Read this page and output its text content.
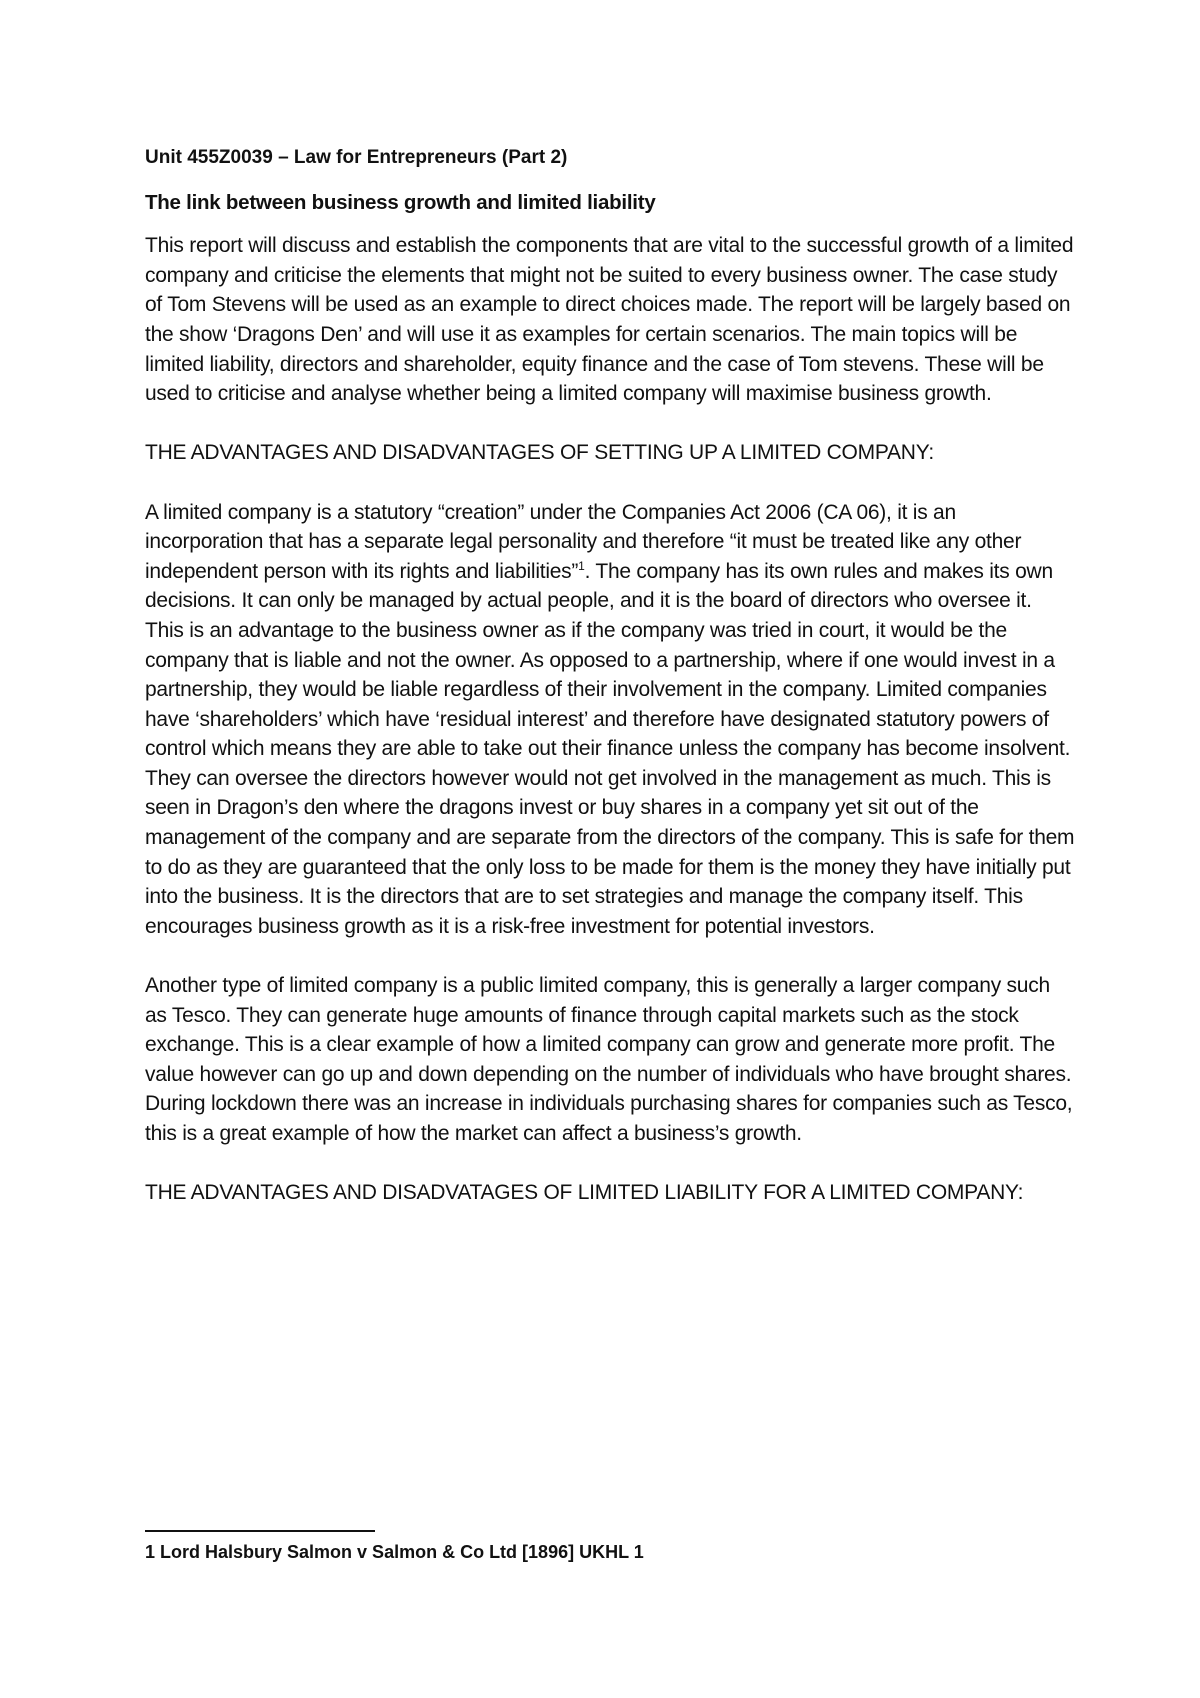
Unit 455Z0039 – Law for Entrepreneurs (Part 2)
The link between business growth and limited liability

This report will discuss and establish the components that are vital to the successful growth of a limited company and criticise the elements that might not be suited to every business owner. The case study of Tom Stevens will be used as an example to direct choices made. The report will be largely based on the show ‘Dragons Den’ and will use it as examples for certain scenarios. The main topics will be limited liability, directors and shareholder, equity finance and the case of Tom stevens. These will be used to criticise and analyse whether being a limited company will maximise business growth.

THE ADVANTAGES AND DISADVANTAGES OF SETTING UP A LIMITED COMPANY:

A limited company is a statutory “creation” under the Companies Act 2006 (CA 06), it is an incorporation that has a separate legal personality and therefore “it must be treated like any other independent person with its rights and liabilities”$^1$. The company has its own rules and makes its own decisions. It can only be managed by actual people, and it is the board of directors who oversee it. This is an advantage to the business owner as if the company was tried in court, it would be the company that is liable and not the owner. As opposed to a partnership, where if one would invest in a partnership, they would be liable regardless of their involvement in the company. Limited companies have ‘shareholders’ which have ‘residual interest’ and therefore have designated statutory powers of control which means they are able to take out their finance unless the company has become insolvent. They can oversee the directors however would not get involved in the management as much. This is seen in Dragon’s den where the dragons invest or buy shares in a company yet sit out of the management of the company and are separate from the directors of the company. This is safe for them to do as they are guaranteed that the only loss to be made for them is the money they have initially put into the business. It is the directors that are to set strategies and manage the company itself. This encourages business growth as it is a risk-free investment for potential investors.

Another type of limited company is a public limited company, this is generally a larger company such as Tesco. They can generate huge amounts of finance through capital markets such as the stock exchange. This is a clear example of how a limited company can grow and generate more profit. The value however can go up and down depending on the number of individuals who have brought shares. During lockdown there was an increase in individuals purchasing shares for companies such as Tesco, this is a great example of how the market can affect a business’s growth.

THE ADVANTAGES AND DISADVATAGES OF LIMITED LIABILITY FOR A LIMITED COMPANY:
1 Lord Halsbury Salmon v Salmon & Co Ltd [1896] UKHL 1
